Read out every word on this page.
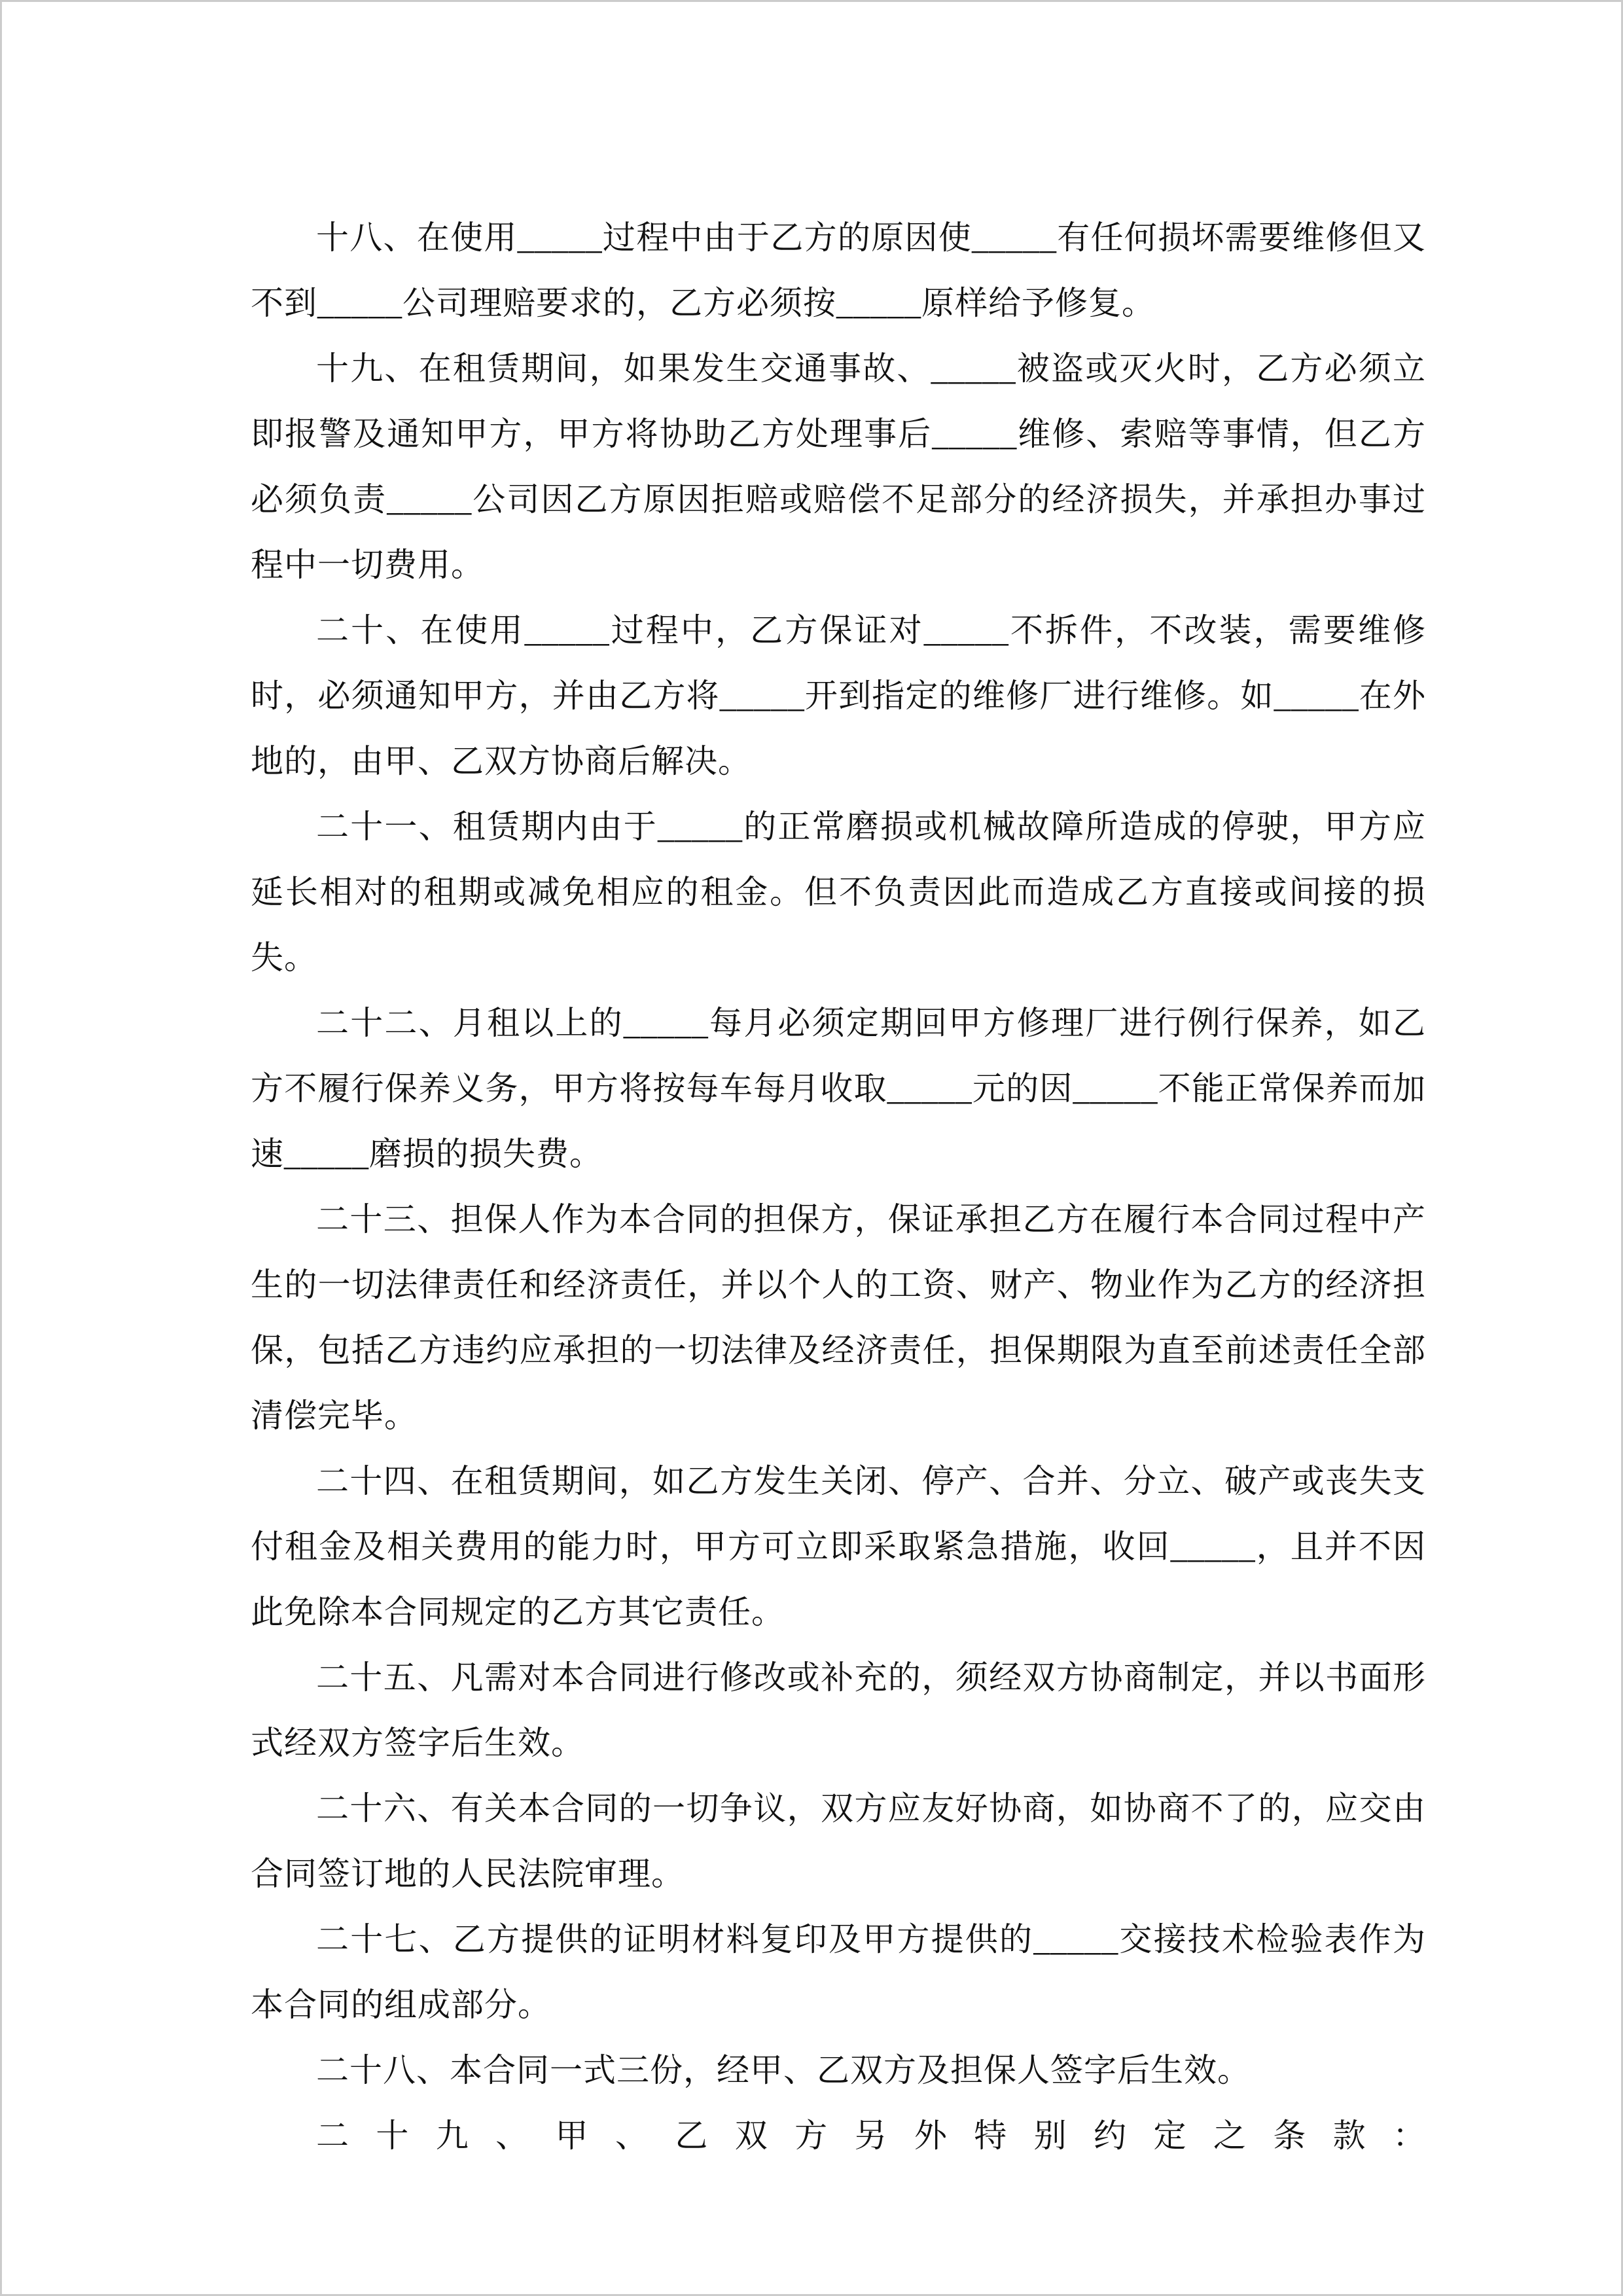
十八、在使用_____过程中由于乙方的原因使_____有任何损坏需要维修但又不到_____公司理赔要求的，乙方必须按_____原样给予修复。

十九、在租赁期间，如果发生交通事故、_____被盗或灭火时，乙方必须立即报警及通知甲方，甲方将协助乙方处理事后_____维修、索赔等事情，但乙方必须负责_____公司因乙方原因拒赔或赔偿不足部分的经济损失，并承担办事过程中一切费用。

二十、在使用_____过程中，乙方保证对_____不拆件，不改装，需要维修时，必须通知甲方，并由乙方将_____开到指定的维修厂进行维修。如_____在外地的，由甲、乙双方协商后解决。

二十一、租赁期内由于_____的正常磨损或机械故障所造成的停驶，甲方应延长相对的租期或减免相应的租金。但不负责因此而造成乙方直接或间接的损失。

二十二、月租以上的_____每月必须定期回甲方修理厂进行例行保养，如乙方不履行保养义务，甲方将按每车每月收取_____元的因_____不能正常保养而加速_____磨损的损失费。

二十三、担保人作为本合同的担保方，保证承担乙方在履行本合同过程中产生的一切法律责任和经济责任，并以个人的工资、财产、物业作为乙方的经济担保，包括乙方违约应承担的一切法律及经济责任，担保期限为直至前述责任全部清偿完毕。

二十四、在租赁期间，如乙方发生关闭、停产、合并、分立、破产或丧失支付租金及相关费用的能力时，甲方可立即采取紧急措施，收回_____，且并不因此免除本合同规定的乙方其它责任。

二十五、凡需对本合同进行修改或补充的，须经双方协商制定，并以书面形式经双方签字后生效。

二十六、有关本合同的一切争议，双方应友好协商，如协商不了的，应交由合同签订地的人民法院审理。

二十七、乙方提供的证明材料复印及甲方提供的_____交接技术检验表作为本合同的组成部分。

二十八、本合同一式三份，经甲、乙双方及担保人签字后生效。

二十九、甲、乙双方另外特别约定之条款：
